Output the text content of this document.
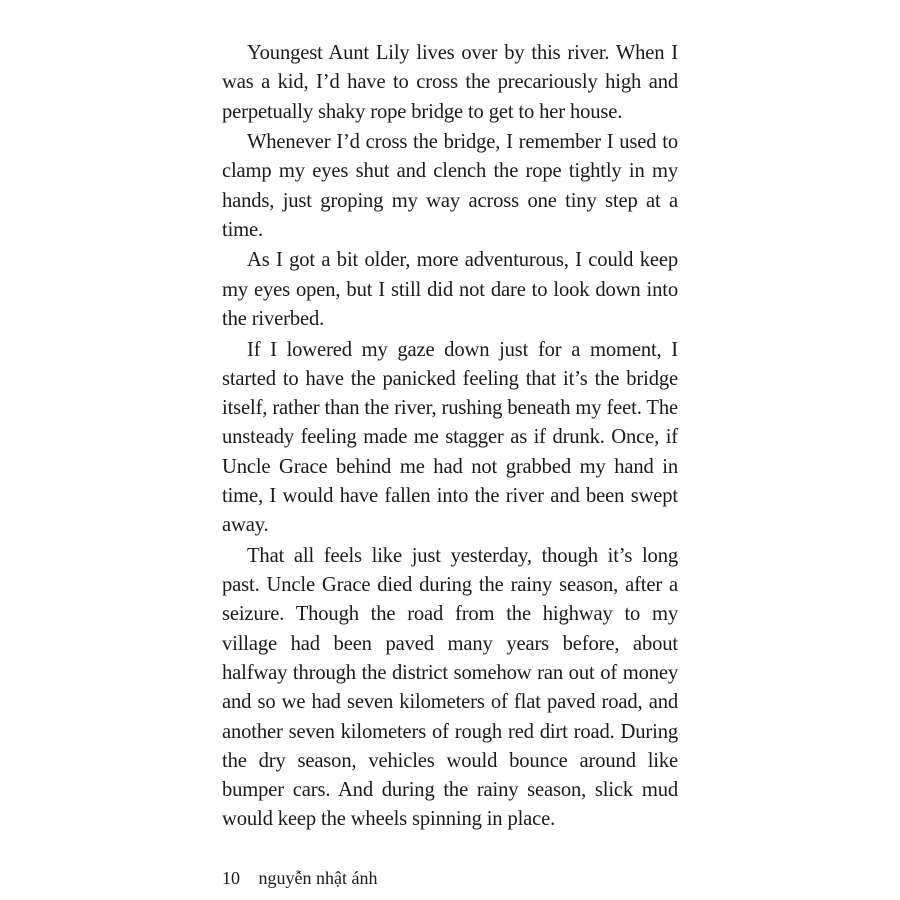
Youngest Aunt Lily lives over by this river. When I was a kid, I’d have to cross the precariously high and perpetually shaky rope bridge to get to her house.

Whenever I’d cross the bridge, I remember I used to clamp my eyes shut and clench the rope tightly in my hands, just groping my way across one tiny step at a time.

As I got a bit older, more adventurous, I could keep my eyes open, but I still did not dare to look down into the riverbed.

If I lowered my gaze down just for a moment, I started to have the panicked feeling that it’s the bridge itself, rather than the river, rushing beneath my feet. The unsteady feeling made me stagger as if drunk. Once, if Uncle Grace behind me had not grabbed my hand in time, I would have fallen into the river and been swept away.

That all feels like just yesterday, though it’s long past. Uncle Grace died during the rainy season, after a seizure. Though the road from the highway to my village had been paved many years before, about halfway through the district somehow ran out of money and so we had seven kilometers of flat paved road, and another seven kilometers of rough red dirt road. During the dry season, vehicles would bounce around like bumper cars. And during the rainy season, slick mud would keep the wheels spinning in place.

10 nguyễn nhật ánh
